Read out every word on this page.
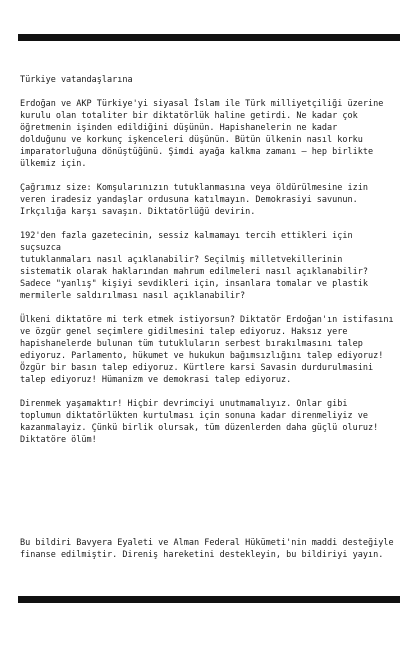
Türkiye vatandaşlarına

Erdoğan ve AKP Türkiye'yi siyasal İslam ile Türk milliyetçiliği üzerine
kurulu olan totaliter bir diktatörlük haline getirdi. Ne kadar çok
öğretmenin işinden edildiğini düşünün. Hapishanelerin ne kadar
dolduğunu ve korkunç işkenceleri düşünün. Bütün ülkenin nasıl korku
imparatorluğuna dönüştüğünü. Şimdi ayağa kalkma zamanı – hep birlikte
ülkemiz için.

Çağrımız size: Komşularınızın tutuklanmasına veya öldürülmesine izin
veren iradesiz yandaşlar ordusuna katılmayın. Demokrasiyi savunun.
Irkçılığa karşı savaşın. Diktatörlüğü devirin.

192'den fazla gazetecinin, sessiz kalmamayı tercih ettikleri için suçsuzca
tutuklanmaları nasıl açıklanabilir? Seçilmiş milletvekillerinin
sistematik olarak haklarından mahrum edilmeleri nasıl açıklanabilir?
Sadece "yanlış" kişiyi sevdikleri için, insanlara tomalar ve plastik
mermilerle saldırılması nasıl açıklanabilir?

Ülkeni diktatöre mi terk etmek istiyorsun? Diktatör Erdoğan'ın istifasını
ve özgür genel seçimlere gidilmesini talep ediyoruz. Haksız yere
hapishanelerde bulunan tüm tutukluların serbest bırakılmasını talep
ediyoruz. Parlamento, hükumet ve hukukun bağımsızlığını talep ediyoruz!
Özgür bir basın talep ediyoruz. Kürtlere karsi Savasin durdurulmasini
talep ediyoruz! Hümanizm ve demokrasi talep ediyoruz.

Direnmek yaşamaktır! Hiçbir devrimciyi unutmamalıyız. Onlar gibi
toplumun diktatörlükten kurtulması için sonuna kadar direnmeliyiz ve
kazanmalayiz. Çünkü birlik olursak, tüm düzenlerden daha güçlü oluruz!
Diktatöre ölüm!

Bu bildiri Bavyera Eyaleti ve Alman Federal Hükümeti'nin maddi desteğiyle
finanse edilmiştir. Direniş hareketini destekleyin, bu bildiriyi yayın.
